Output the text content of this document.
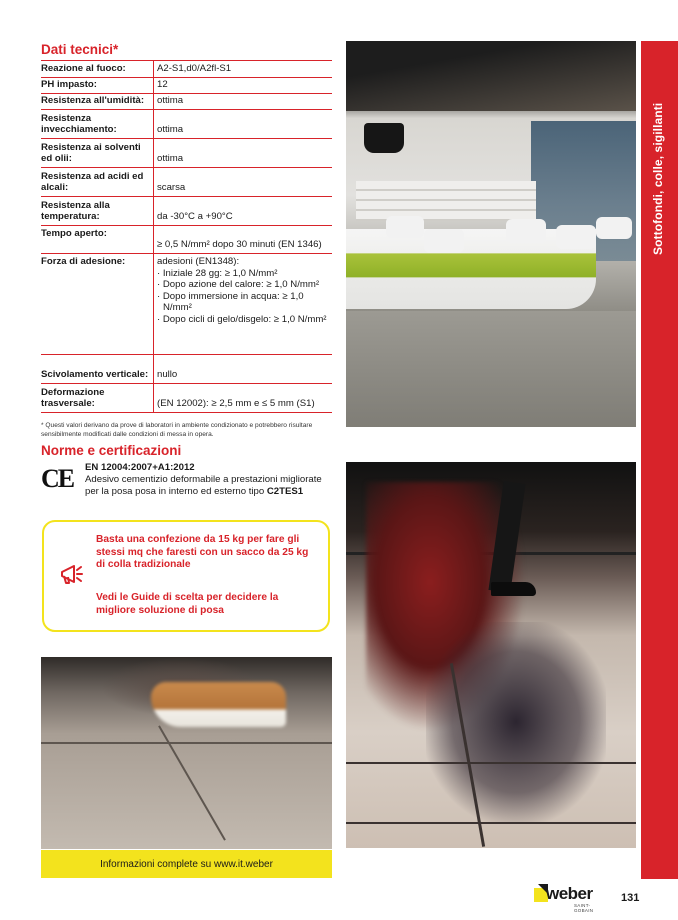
Sottofondi, colle, sigillanti
Dati tecnici*
Reazione al fuoco:	A2-S1,d0/A2fl-S1
PH impasto:	12
Resistenza all'umidità:	ottima
Resistenza invecchiamento:	ottima
Resistenza ai solventi ed olii:	ottima
Resistenza ad acidi ed alcali:	scarsa
Resistenza alla temperatura:	da -30°C a +90°C
Tempo aperto:
≥ 0,5 N/mm² dopo 30 minuti (EN 1346)
Forza di adesione:	adesioni (EN1348):
· Iniziale 28 gg: ≥ 1,0 N/mm²
· Dopo azione del calore: ≥ 1,0 N/mm²
· Dopo immersione in acqua: ≥ 1,0 N/mm²
· Dopo cicli di gelo/disgelo: ≥ 1,0 N/mm²
Scivolamento verticale: nullo
Deformazione trasversale:	(EN 12002): ≥ 2,5 mm e ≤ 5 mm (S1)
* Questi valori derivano da prove di laboratori in ambiente condizionato e potrebbero risultare sensibilmente modificati dalle condizioni di messa in opera.
Norme e certificazioni
CE EN 12004:2007+A1:2012
Adesivo cementizio deformabile a prestazioni migliorate per la posa posa in interno ed esterno tipo C2TES1

Basta una confezione da 15 kg per fare gli stessi mq che faresti con un sacco da 25 kg di colla tradizionale

Vedi le Guide di scelta per decidere la migliore soluzione di posa

Informazioni complete su www.it.weber
weber
SAINT-GOBAIN
131
